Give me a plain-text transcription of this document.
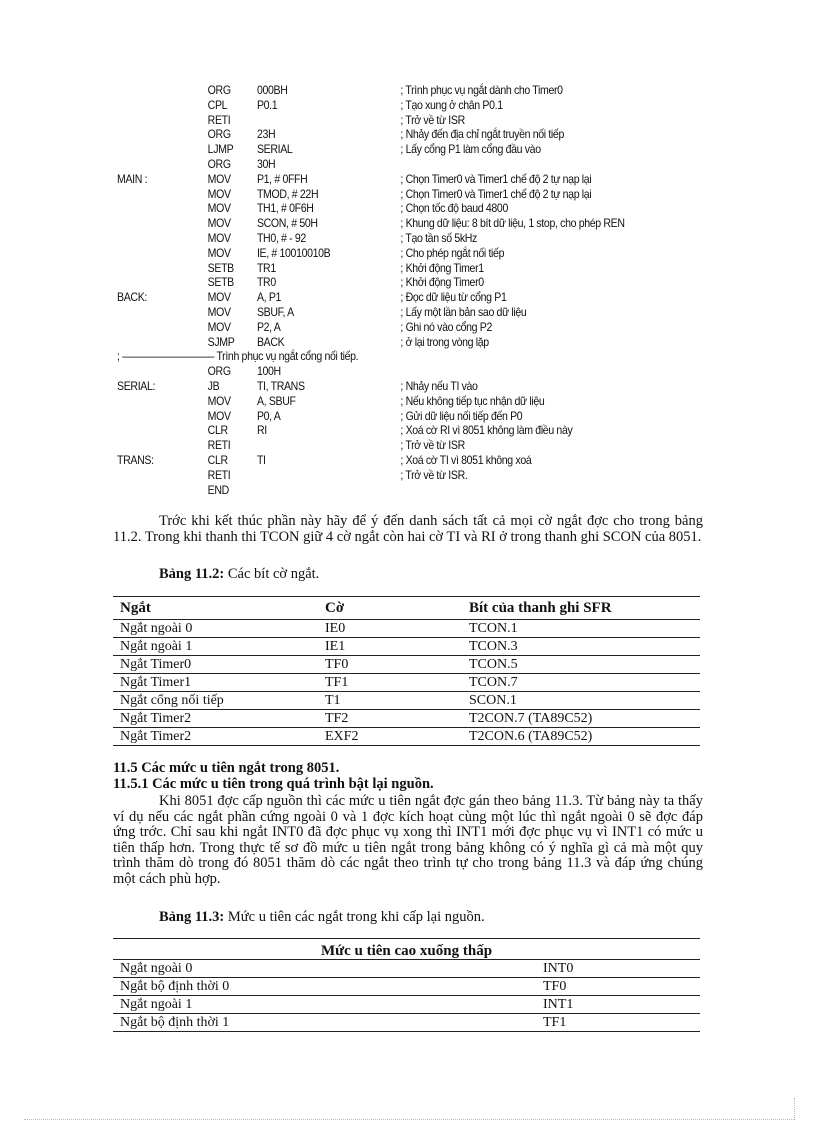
ORG 000BH	; Trình phục vụ ngắt dành cho Timer0
CPL P0.1	; Tạo xung ở chân P0.1
RETI	; Trở về từ ISR
ORG 23H	; Nhảy đến địa chỉ ngắt truyền nối tiếp
LJMP SERIAL	; Lấy cổng P1 làm cổng đầu vào
ORG 30H
MAIN :	MOV P1, # 0FFH	; Chọn Timer0 và Timer1 chế độ 2 tự nạp lại
MOV TMOD, # 22H	; Chọn Timer0 và Timer1 chế độ 2 tự nạp lại
MOV TH1, # 0F6H	; Chọn tốc độ baud 4800
MOV SCON, # 50H	; Khung dữ liệu: 8 bít dữ liệu, 1 stop, cho phép REN
MOV TH0, # - 92	; Tạo tần số 5kHz
MOV IE, # 10010010B	; Cho phép ngắt nối tiếp
SETB TR1	; Khởi động Timer1
SETB TR0	; Khởi động Timer0
BACK:	MOV A, P1	; Đọc dữ liệu từ cổng P1
MOV SBUF, A	; Lấy một lần bản sao dữ liệu
MOV P2, A	; Ghi nó vào cổng P2
SJMP BACK	; ở lại trong vòng lặp
; ————————— Trình phục vụ ngắt cổng nối tiếp.
ORG 100H
SERIAL:	JB	TI, TRANS	; Nhảy nếu TI vào
MOV A, SBUF	; Nếu không tiếp tục nhận dữ liệu
MOV P0, A	; Gửi dữ liệu nối tiếp đến P0
CLR RI	; Xoá cờ RI vì 8051 không làm điều này
RETI	; Trở về từ ISR
TRANS:	CLR TI	; Xoá cờ TI vì 8051 không xoá
RETI	; Trở về từ ISR.
END
Trớc khi kết thúc phần này hãy để ý đến danh sách tất cả mọi cờ ngắt đợc cho trong bảng 11.2. Trong khi thanh thi TCON giữ 4 cờ ngắt còn hai cờ TI và RI ở trong thanh ghi SCON của 8051.
Bảng 11.2: Các bít cờ ngắt.
Ngắt	Cờ	Bít của thanh ghi SFR
Ngắt ngoài 0	IE0	TCON.1
Ngắt ngoài 1	IE1	TCON.3
Ngắt Timer0	TF0	TCON.5
Ngắt Timer1	TF1	TCON.7
Ngắt cổng nối tiếp	T1	SCON.1
Ngắt Timer2	TF2	T2CON.7 (TA89C52)
Ngắt Timer2	EXF2	T2CON.6 (TA89C52)
11.5 Các mức u tiên ngắt trong 8051.
11.5.1 Các mức u tiên trong quá trình bật lại nguồn.
Khi 8051 đợc cấp nguồn thì các mức u tiên ngắt đợc gán theo bảng 11.3. Từ bảng này ta thấy ví dụ nếu các ngắt phần cứng ngoài 0 và 1 đợc kích hoạt cùng một lúc thì ngắt ngoài 0 sẽ đợc đáp ứng trớc. Chỉ sau khi ngắt INT0 đã đợc phục vụ xong thì INT1 mới đợc phục vụ vì INT1 có mức u tiên thấp hơn. Trong thực tế sơ đồ mức u tiên ngắt trong bảng không có ý nghĩa gì cả mà một quy trình thăm dò trong đó 8051 thăm dò các ngắt theo trình tự cho trong bảng 11.3 và đáp ứng chúng một cách phù hợp.
Bảng 11.3: Mức u tiên các ngắt trong khi cấp lại nguồn.
Mức u tiên cao xuống thấp
Ngắt ngoài 0	INT0
Ngắt bộ định thời 0	TF0
Ngắt ngoài 1	INT1
Ngắt bộ định thời 1	TF1
